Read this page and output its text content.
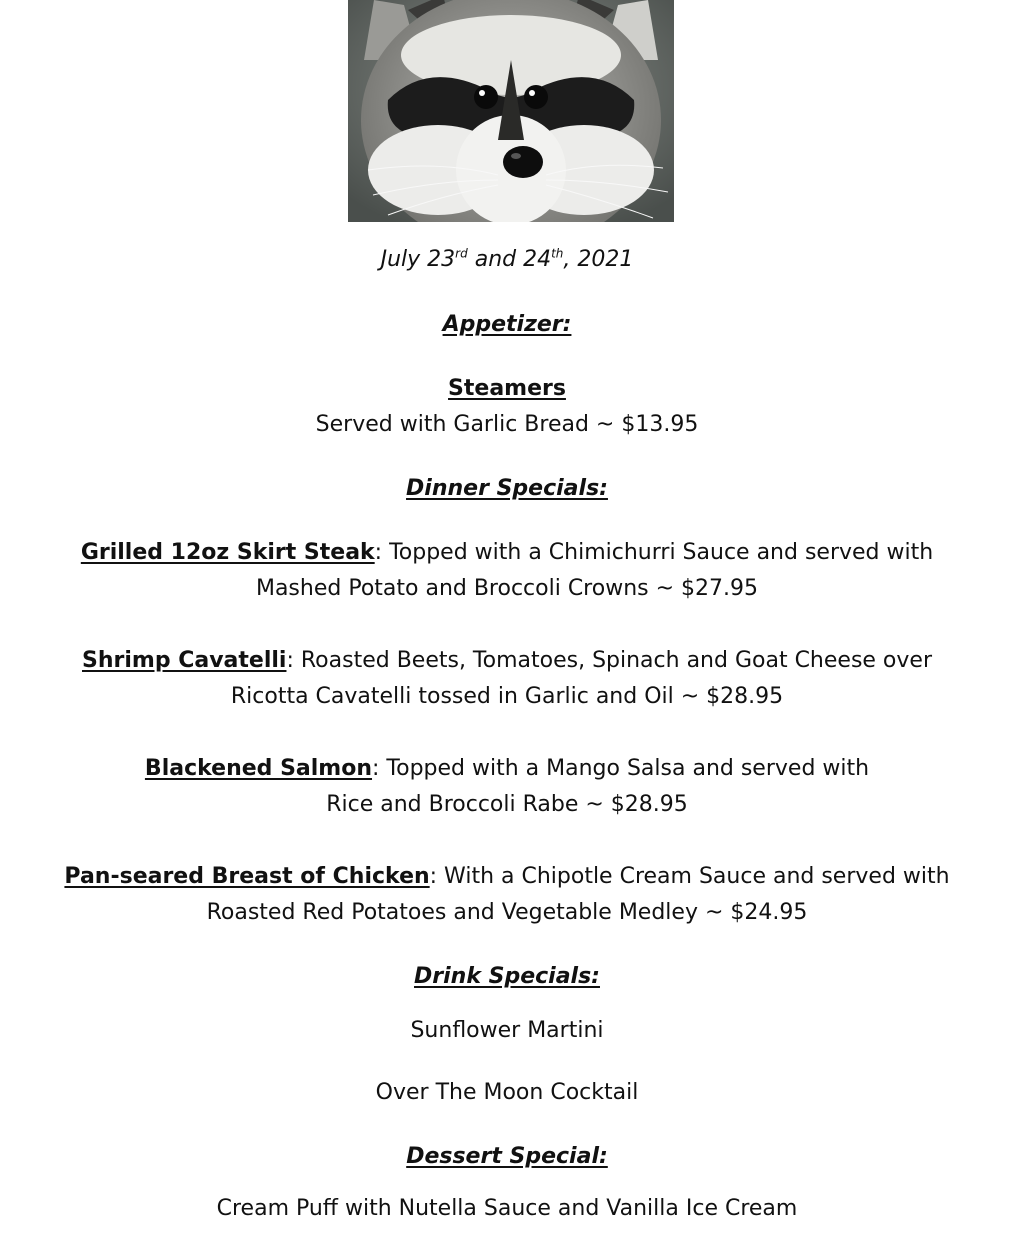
July 23rd and 24th, 2021
Appetizer:
Steamers
Served with Garlic Bread ~ $13.95
Dinner Specials:
Grilled 12oz Skirt Steak: Topped with a Chimichurri Sauce and served with
Mashed Potato and Broccoli Crowns ~ $27.95
Shrimp Cavatelli: Roasted Beets, Tomatoes, Spinach and Goat Cheese over
Ricotta Cavatelli tossed in Garlic and Oil ~ $28.95
Blackened Salmon: Topped with a Mango Salsa and served with
Rice and Broccoli Rabe ~ $28.95
Pan-seared Breast of Chicken: With a Chipotle Cream Sauce and served with
Roasted Red Potatoes and Vegetable Medley ~ $24.95
Drink Specials:
Sunflower Martini
Over The Moon Cocktail
Dessert Special:
Cream Puff with Nutella Sauce and Vanilla Ice Cream
